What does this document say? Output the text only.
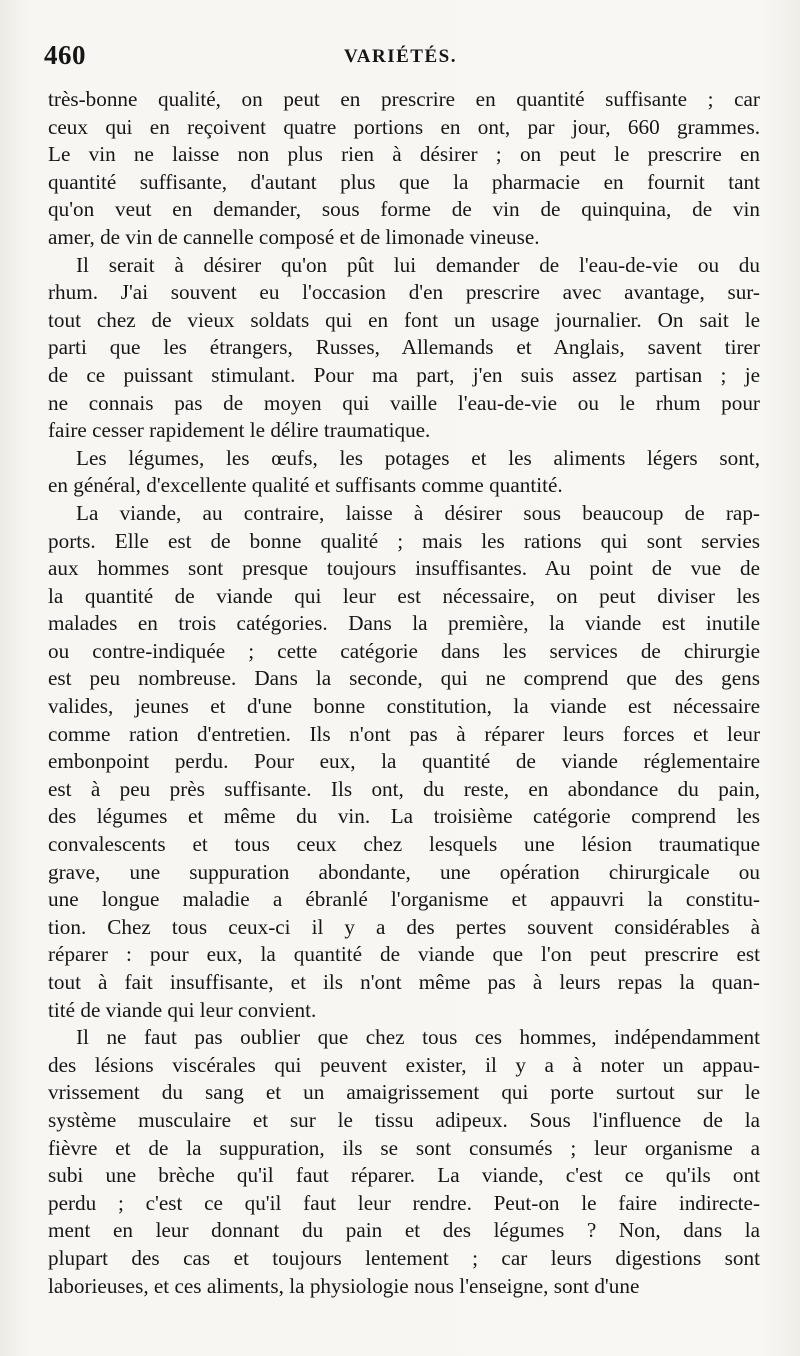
460	VARIÉTÉS.
très-bonne qualité, on peut en prescrire en quantité suffisante ; car
ceux qui en reçoivent quatre portions en ont, par jour, 660 grammes.
Le vin ne laisse non plus rien à désirer ; on peut le prescrire en
quantité suffisante, d'autant plus que la pharmacie en fournit tant
qu'on veut en demander, sous forme de vin de quinquina, de vin
amer, de vin de cannelle composé et de limonade vineuse.
Il serait à désirer qu'on pût lui demander de l'eau-de-vie ou du
rhum. J'ai souvent eu l'occasion d'en prescrire avec avantage, sur-
tout chez de vieux soldats qui en font un usage journalier. On sait le
parti que les étrangers, Russes, Allemands et Anglais, savent tirer
de ce puissant stimulant. Pour ma part, j'en suis assez partisan ; je
ne connais pas de moyen qui vaille l'eau-de-vie ou le rhum pour
faire cesser rapidement le délire traumatique.
Les légumes, les œufs, les potages et les aliments légers sont,
en général, d'excellente qualité et suffisants comme quantité.
La viande, au contraire, laisse à désirer sous beaucoup de rap-
ports. Elle est de bonne qualité ; mais les rations qui sont servies
aux hommes sont presque toujours insuffisantes. Au point de vue de
la quantité de viande qui leur est nécessaire, on peut diviser les
malades en trois catégories. Dans la première, la viande est inutile
ou contre-indiquée ; cette catégorie dans les services de chirurgie
est peu nombreuse. Dans la seconde, qui ne comprend que des gens
valides, jeunes et d'une bonne constitution, la viande est nécessaire
comme ration d'entretien. Ils n'ont pas à réparer leurs forces et leur
embonpoint perdu. Pour eux, la quantité de viande réglementaire
est à peu près suffisante. Ils ont, du reste, en abondance du pain,
des légumes et même du vin. La troisième catégorie comprend les
convalescents et tous ceux chez lesquels une lésion traumatique
grave, une suppuration abondante, une opération chirurgicale ou
une longue maladie a ébranlé l'organisme et appauvri la constitu-
tion. Chez tous ceux-ci il y a des pertes souvent considérables à
réparer : pour eux, la quantité de viande que l'on peut prescrire est
tout à fait insuffisante, et ils n'ont même pas à leurs repas la quan-
tité de viande qui leur convient.
Il ne faut pas oublier que chez tous ces hommes, indépendamment
des lésions viscérales qui peuvent exister, il y a à noter un appau-
vrissement du sang et un amaigrissement qui porte surtout sur le
système musculaire et sur le tissu adipeux. Sous l'influence de la
fièvre et de la suppuration, ils se sont consumés ; leur organisme a
subi une brèche qu'il faut réparer. La viande, c'est ce qu'ils ont
perdu ; c'est ce qu'il faut leur rendre. Peut-on le faire indirecte-
ment en leur donnant du pain et des légumes ? Non, dans la
plupart des cas et toujours lentement ; car leurs digestions sont
laborieuses, et ces aliments, la physiologie nous l'enseigne, sont d'une
